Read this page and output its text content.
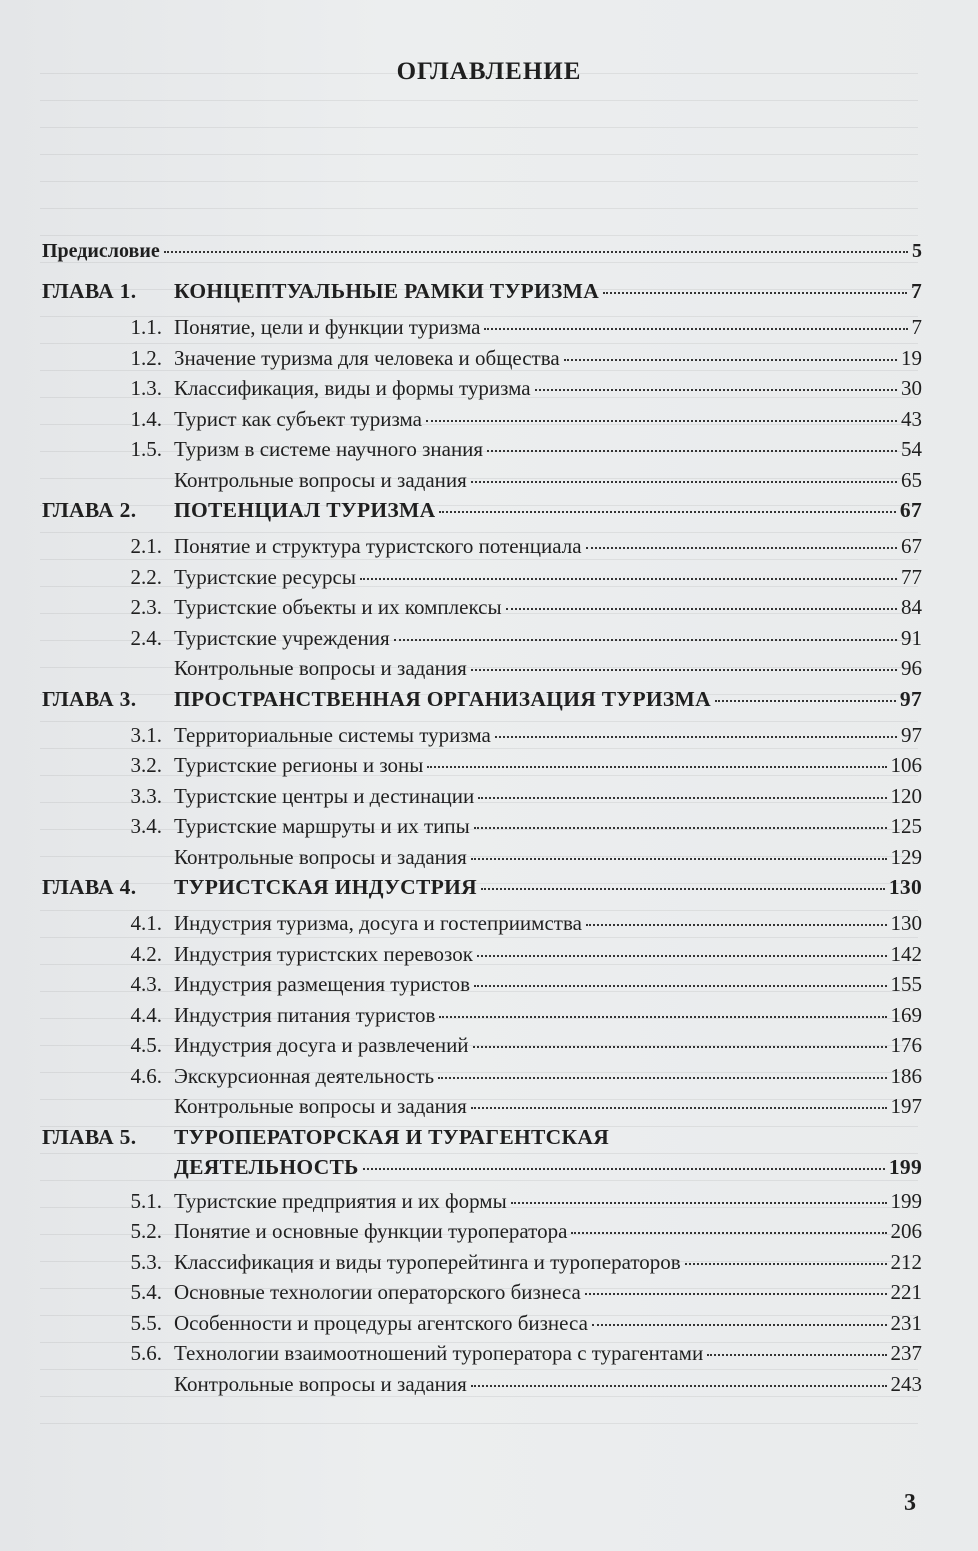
ОГЛАВЛЕНИЕ
Предисловие	5
ГЛАВА 1.	КОНЦЕПТУАЛЬНЫЕ РАМКИ ТУРИЗМА	7
1.1. Понятие, цели и функции туризма	7
1.2. Значение туризма для человека и общества	19
1.3. Классификация, виды и формы туризма	30
1.4. Турист как субъект туризма	43
1.5. Туризм в системе научного знания	54
Контрольные вопросы и задания	65
ГЛАВА 2.	ПОТЕНЦИАЛ ТУРИЗМА	67
2.1. Понятие и структура туристского потенциала	67
2.2. Туристские ресурсы	77
2.3. Туристские объекты и их комплексы	84
2.4. Туристские учреждения	91
Контрольные вопросы и задания	96
ГЛАВА 3.	ПРОСТРАНСТВЕННАЯ ОРГАНИЗАЦИЯ ТУРИЗМА	97
3.1. Территориальные системы туризма	97
3.2. Туристские регионы и зоны	106
3.3. Туристские центры и дестинации	120
3.4. Туристские маршруты и их типы	125
Контрольные вопросы и задания	129
ГЛАВА 4.	ТУРИСТСКАЯ ИНДУСТРИЯ	130
4.1. Индустрия туризма, досуга и гостеприимства	130
4.2. Индустрия туристских перевозок	142
4.3. Индустрия размещения туристов	155
4.4. Индустрия питания туристов	169
4.5. Индустрия досуга и развлечений	176
4.6. Экскурсионная деятельность	186
Контрольные вопросы и задания	197
ГЛАВА 5.	ТУРОПЕРАТОРСКАЯ И ТУРАГЕНТСКАЯ
ДЕЯТЕЛЬНОСТЬ	199
5.1. Туристские предприятия и их формы	199
5.2. Понятие и основные функции туроператора	206
5.3. Классификация и виды туроперейтинга и туроператоров	212
5.4. Основные технологии операторского бизнеса	221
5.5. Особенности и процедуры агентского бизнеса	231
5.6. Технологии взаимоотношений туроператора с турагентами	237
Контрольные вопросы и задания	243
3
